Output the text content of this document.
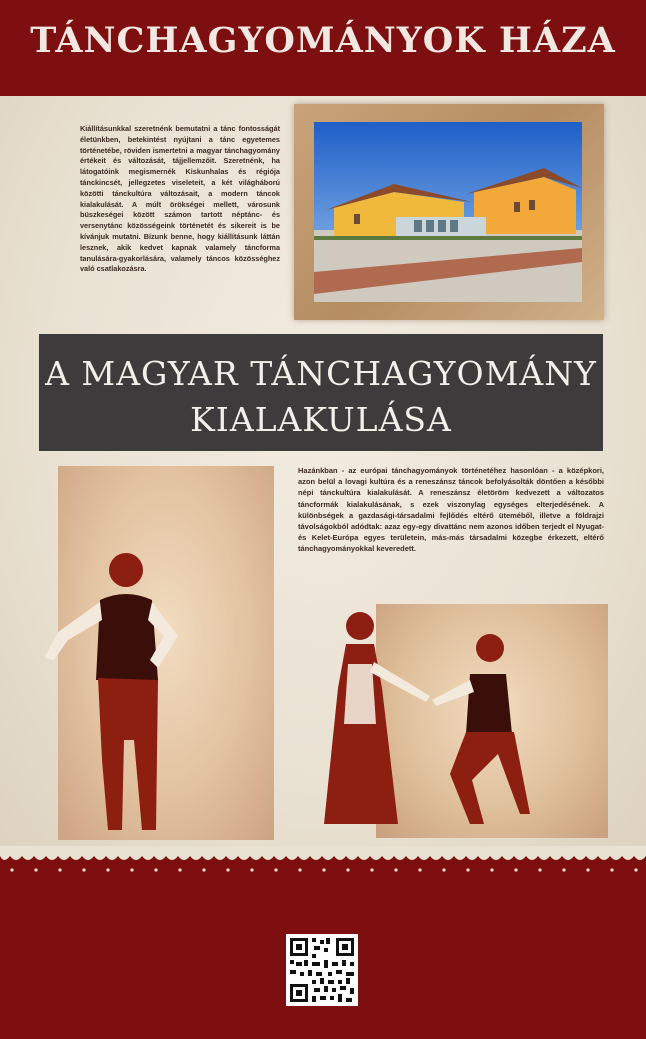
TÁNCHAGYOMÁNYOK HÁZA
Kiállításunkkal szeretnénk bemutatni a tánc fontosságát életünkben, betekintést nyújtani a tánc egyetemes történetébe, röviden ismertetni a magyar tánchagyomány értékeit és változását, tájjellemzőit. Szeretnénk, ha látogatóink megismernék Kiskunhalas és régiója tánckincsét, jellegzetes viseleteit, a két világháború közötti tánckultúra változásait, a modern táncok kialakulását. A múlt örökségei mellett, városunk büszkeségei között számon tartott néptánc- és versenytánc közösségeink történetét és sikereit is be kívánjuk mutatni. Bízunk benne, hogy kiállításunk láttán lesznek, akik kedvet kapnak valamely táncforma tanulására-gyakorlására, valamely táncos közösséghez való csatlakozásra.
A MAGYAR TÁNCHAGYOMÁNY
KIALAKULÁSA
Hazánkban - az európai tánchagyományok történetéhez hasonlóan - a középkori, azon belül a lovagi kultúra és a reneszánsz táncok befolyásolták döntően a későbbi népi tánckultúra kialakulását. A reneszánsz életöröm kedvezett a változatos táncformák kialakulásának, s ezek viszonylag egységes elterjedésének. A különbségek a gazdasági-társadalmi fejlődés eltérő üteméből, illetve a földrajzi távolságokból adódtak: azaz egy-egy divattánc nem azonos időben terjedt el Nyugat- és Kelet-Európa egyes területein, más-más társadalmi közegbe érkezett, eltérő tánchagyományokkal keveredett.
